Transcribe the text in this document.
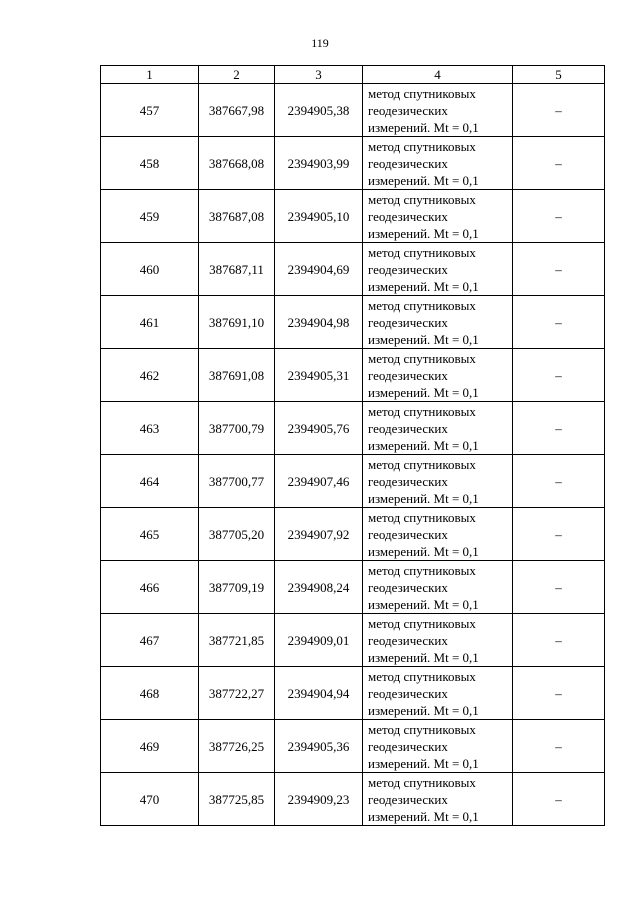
119
1	2	3	4	5
457	387667,98	2394905,38	метод спутниковых
геодезических
измерений. Mt = 0,1	–
458	387668,08	2394903,99	метод спутниковых
геодезических
измерений. Mt = 0,1	–
459	387687,08	2394905,10	метод спутниковых
геодезических
измерений. Mt = 0,1	–
460	387687,11	2394904,69	метод спутниковых
геодезических
измерений. Mt = 0,1	–
461	387691,10	2394904,98	метод спутниковых
геодезических
измерений. Mt = 0,1	–
462	387691,08	2394905,31	метод спутниковых
геодезических
измерений. Mt = 0,1	–
463	387700,79	2394905,76	метод спутниковых
геодезических
измерений. Mt = 0,1	–
464	387700,77	2394907,46	метод спутниковых
геодезических
измерений. Mt = 0,1	–
465	387705,20	2394907,92	метод спутниковых
геодезических
измерений. Mt = 0,1	–
466	387709,19	2394908,24	метод спутниковых
геодезических
измерений. Mt = 0,1	–
467	387721,85	2394909,01	метод спутниковых
геодезических
измерений. Mt = 0,1	–
468	387722,27	2394904,94	метод спутниковых
геодезических
измерений. Mt = 0,1	–
469	387726,25	2394905,36	метод спутниковых
геодезических
измерений. Mt = 0,1	–
470	387725,85	2394909,23	метод спутниковых
геодезических
измерений. Mt = 0,1	–
